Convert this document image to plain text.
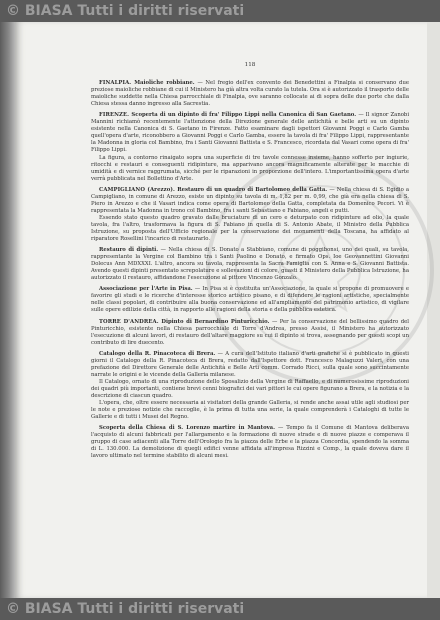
© BIASA Tutti i diritti riservati
118

FINALPIA. Maioliche robbiane. — Nel fregio dell'ex convento dei Benedettini a Finalpia si conservano due preziose maioliche robbiane di cui il Ministero ha già altra volta curato la tutela. Ora si è autorizzato il trasporto delle maioliche suddette nella Chiesa parrocchiale di Finalpia, ove saranno collocate ai di sopra delle due porte che dalla Chiesa stessa danno ingresso alla Sacrestia.

FIRENZE. Scoperta di un dipinto di fra' Filippo Lippi nella Canonica di San Gaetano. — Il signor Zanobi Mannini richiamò recentemente l'attenzione della Direzione generale delle antichità e belle arti su un dipinto esistente nella Canonica di S. Gaetano in Firenze. Fatto esaminare dagli ispettori Giovanni Poggi e Carlo Gamba quell'opera d'arte, riconobbero a Giovanni Poggi e Carlo Gamba, essere la tavola di fra' Filippo Lippi, rappresentante la Madonna in gloria col Bambino, fra i Santi Giovanni Battista e S. Francesco, ricordata dal Vasari come opera di fra' Filippo Lippi.

La figura, a contorno rinaigato sopra una superficie di tre tavole connesse insieme, hanno sofferto per ingiurie, ritocchi e restauri e conseguenti ridipinture, ma apparivano ancora magnificamente alterate per le macchie di umidità e di vernice raggrumata, sicché per le riparazioni in proporzione dell'intero. L'importantissima opera d'arte verrà pubblicata nel Bollettino d'Arte.

CAMPIGLIANO (Arezzo). Restauro di un quadro di Bartolomeo della Gatta. — Nella chiesa di S. Egidio a Campigliano, in comune di Arezzo, esiste un dipinto su tavola di m. 1,82 per m. 0,99, che già era nella chiesa di S. Piero in Arezzo e che il Vasari indica come opera di Bartolomeo della Gatta, completata da Domenico Pecori. Vi è rappresentata la Madonna in trono col Bambino, fra i santi Sebastiano e Fabiano, angeli e putti.

Essendo stato questo quadro gravato dalle bruciature di un cero e deturpato con ridipinture ad olio, la quale tavola, fra l'altro, trasformava la figura di S. Fabiano in quella di S. Antonio Abate, il Ministro della Pubblica Istruzione, su proposta dell'Ufficio regionale per la conservazione dei monumenti della Toscana, ha affidato al riparatore Rosellini l'incarico di restaurarlo.

Restauro di dipinti. — Nella chiesa di S. Donato a Stabbiano, comune di poggibonsi, uno dei quali, su tavola, rappresentante la Vergine col Bambino tra i Santi Paolino e Donato, e firmato Ops. Ioe Geovannettini Giovanni Dolecus Ann MDXXXI. L'altro, ancora su tavola, rappresenta la Sacra Famiglia con S. Anna e S. Giovanni Battista. Avendo questi dipinti presentato screpolature e sollevazioni di colore, guasti il Ministero della Pubblica Istruzione, ha autorizzato il restauro, affidandone l'esecuzione al pittore Vincenzo Gonzalo.

Associazione per l'Arte in Pisa. — In Pisa si è costituita un'Associazione, la quale si propone di promuovere e favorire gli studi e le ricerche d'interesse storico artistico pisano, e di difendere le ragioni artistiche, specialmente nelle classi popolari, di contribuire alla buona conservazione ed all'ampliamento del patrimonio artistico, di vigilare sulle opere edilizie della città, in rapporto alle ragioni della storia e della pubblica estetica.

TORRE D'ANDREA. Dipinto di Bernardino Pinturicchio. — Per la conservazione del bellissimo quadro del Pinturicchio, esistente nella Chiesa parrocchiale di Torre d'Andrea, presso Assisi, il Ministero ha autorizzato l'esecuzione di alcuni lavori, di restauro dell'altare maggiore su cui il dipinto si trova, assegnando per questi scopi un contributo di lire duecento.

Catalogo della R. Pinacoteca di Brera. — A cura dell'Istituto italiano d'arti grafiche si è pubblicato in questi giorni il Catalogo della R. Pinacoteca di Brera, redatto dall'Ispettore dott. Francesco Malaguzzi Valeri, con una prefazione del Direttore Generale delle Antichità e Belle Arti comm. Corrado Ricci, sulla quale sono succintamente narrate le origini e le vicende della Galleria milanese.

Il Catalogo, ornato di una riproduzione dello Sposalizio della Vergine di Raffaello, e di numerosissime riproduzioni dei quadri più importanti, contiene brevi cenni biografici dei vari pittori le cui opere figurano a Brera, e la notizia e la descrizione di ciascun quadro.

L'opera, che, oltre essere necessaria ai visitatori della grande Galleria, si rende anche assai utile agli studiosi per le note e preziose notizie che raccoglie, è la prima di tutta una serie, la quale comprenderà i Cataloghi di tutte le Gallerie e di tutti i Musei del Regno.

Scoperta della Chiesa di S. Lorenzo martire in Mantova. — Tempo fa il Comune di Mantova deliberava l'acquisto di alcuni fabbricati per l'allargamento e la formazione di nuove strade e di nuove piazze e comperava il gruppo di case adiacenti alla Torre dell'Orologio fra la piazza delle Erbe e la piazza Concordia, spendendo la somma di L. 130.000. La demolizione di quegli edifici venne affidata all'impresa Rizzini e Comp., la quale doveva dare il lavoro ultimato nel termine stabilito di alcuni mesi.

© BIASA Tutti i diritti riservati
